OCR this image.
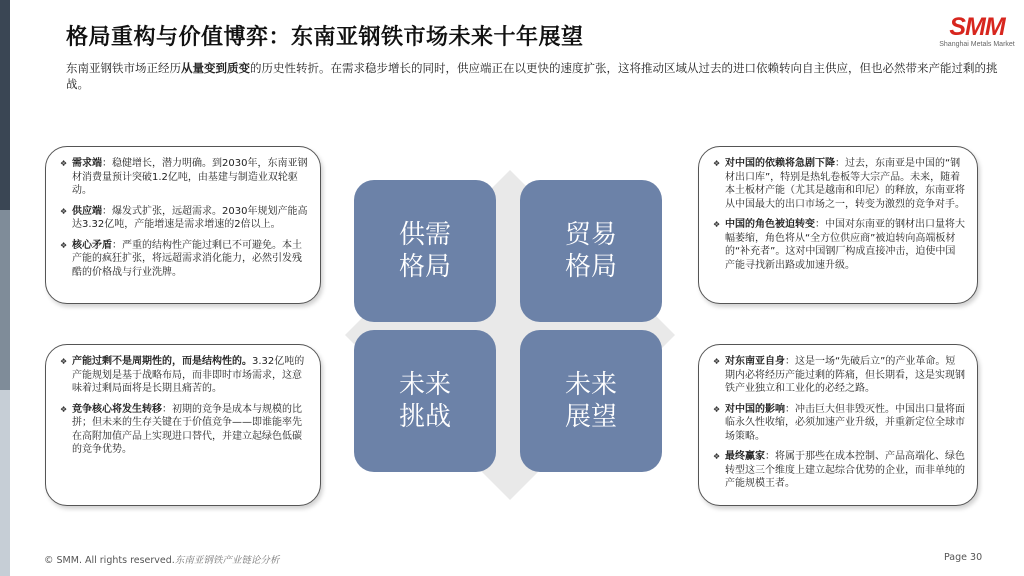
格局重构与价值博弈：东南亚钢铁市场未来十年展望	SMM
Shanghai Metals Market
东南亚钢铁市场正经历从量变到质变的历史性转折。在需求稳步增长的同时，供应端正在以更快的速度扩张，这将推动区域从过去的进口依赖转向自主供应，但也必然带来产能过剩的挑战。
❖ 需求端：稳健增长，潜力明确。到2030年，东南亚钢材消费量预计突破1.2亿吨，由基建与制造业双轮驱动。
❖ 供应端：爆发式扩张，远超需求。2030年规划产能高达3.32亿吨，产能增速是需求增速的2倍以上。
❖ 核心矛盾：严重的结构性产能过剩已不可避免。本土产能的疯狂扩张，将远超需求消化能力，必然引发残酷的价格战与行业洗牌。
❖ 对中国的依赖将急剧下降：过去，东南亚是中国的“钢材出口库”，特别是热轧卷板等大宗产品。未来，随着本土板材产能（尤其是越南和印尼）的释放，东南亚将从中国最大的出口市场之一，转变为激烈的竞争对手。
❖ 中国的角色被迫转变：中国对东南亚的钢材出口量将大幅萎缩，角色将从“全方位供应商”被迫转向高端板材的“补充者”。这对中国钢厂构成直接冲击，迫使中国产能寻找新出路或加速升级。
❖ 产能过剩不是周期性的，而是结构性的。3.32亿吨的产能规划是基于战略布局，而非即时市场需求，这意味着过剩局面将是长期且痛苦的。
❖ 竞争核心将发生转移：初期的竞争是成本与规模的比拼；但未来的生存关键在于价值竞争——即谁能率先在高附加值产品上实现进口替代，并建立起绿色低碳的竞争优势。
❖ 对东南亚自身：这是一场“先破后立”的产业革命。短期内必将经历产能过剩的阵痛，但长期看，这是实现钢铁产业独立和工业化的必经之路。
❖ 对中国的影响：冲击巨大但非毁灭性。中国出口量将面临永久性收缩，必须加速产业升级，并重新定位全球市场策略。
❖ 最终赢家：将属于那些在成本控制、产品高端化、绿色转型这三个维度上建立起综合优势的企业，而非单纯的产能规模王者。
供需
格局
贸易
格局
未来
挑战
未来
展望
© SMM. All rights reserved.东南亚钢铁产业链论分析	Page 30
